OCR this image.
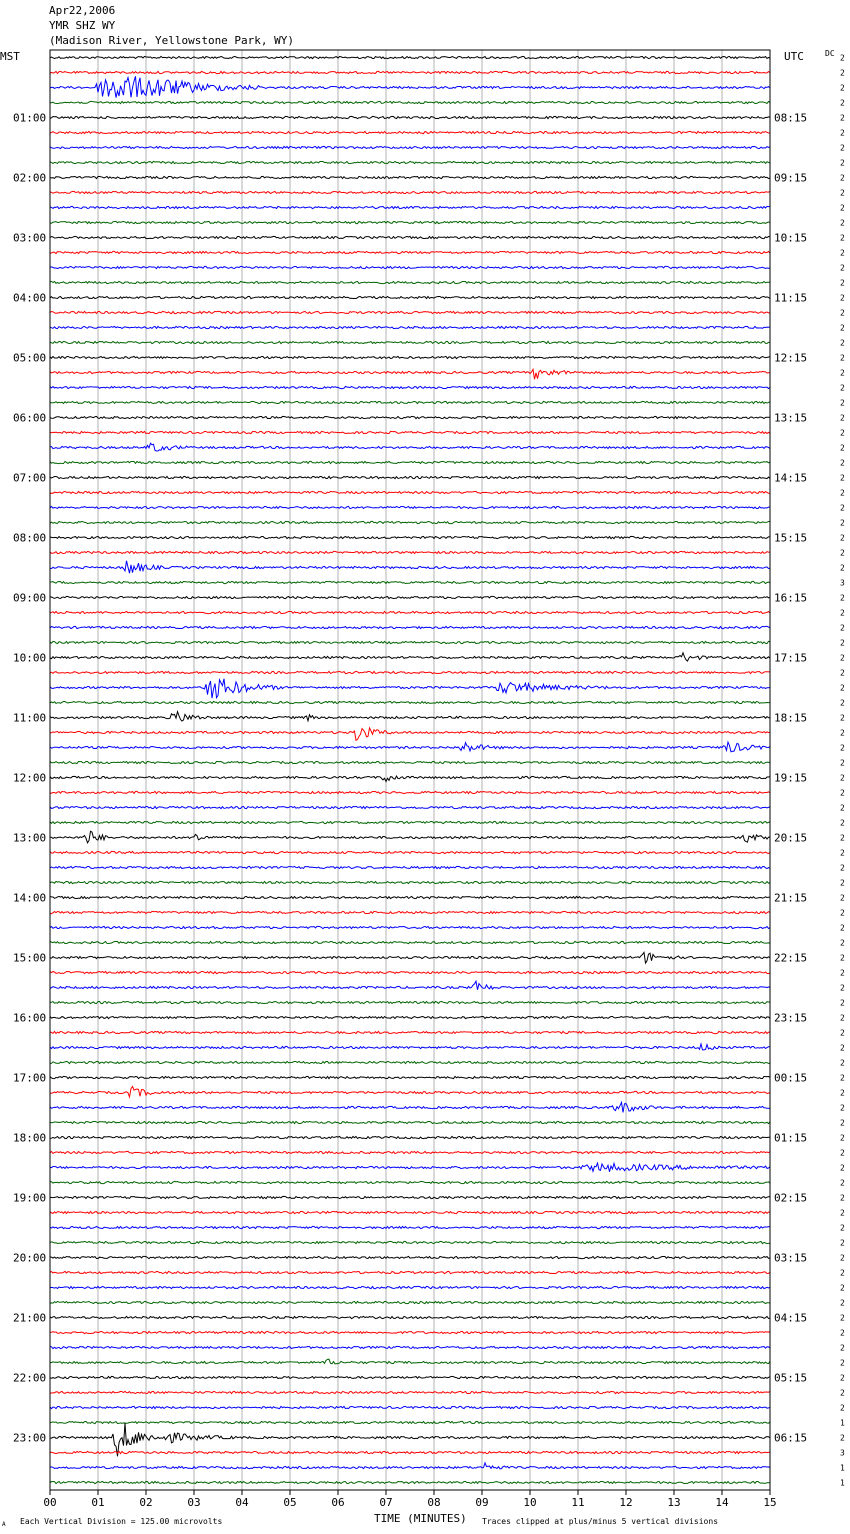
Apr22,2006
YMR SHZ WY
(Madison River, Yellowstone Park, WY)
00	01	02	03	04	05	06	07	08	09	10	11	12	13	14	15
2
2
2
2
2
2
2
2
2
2
2
2
2
2
2
2
2
2
2
2
2
2
2
2
2
2
2
2
2
2
2
2
2
2
2
3
2
2
2
2
2
2
2
2
2
2
2
2
2
2
2
2
2
2
2
2
2
2
2
2
2
2
2
2
2
2
2
2
2
2
2
2
2
2
2
2
2
2
2
2
2
2
2
2
2
2
2
2
2
2
2
1
2
3
1
1
01:00	08:15
02:00	09:15
03:00	10:15
04:00	11:15
05:00	12:15
06:00	13:15
07:00	14:15
08:00	15:15
09:00	16:15
10:00	17:15
11:00	18:15
12:00	19:15
13:00	20:15
14:00	21:15
15:00	22:15
16:00	23:15
17:00	00:15
18:00	01:15
19:00	02:15
20:00	03:15
21:00	04:15
22:00	05:15
23:00	06:15
MST	UTC	DC
TIME (MINUTES)
Each Vertical Division = 125.00 microvolts	Traces clipped at plus/minus 5 vertical divisions
A
